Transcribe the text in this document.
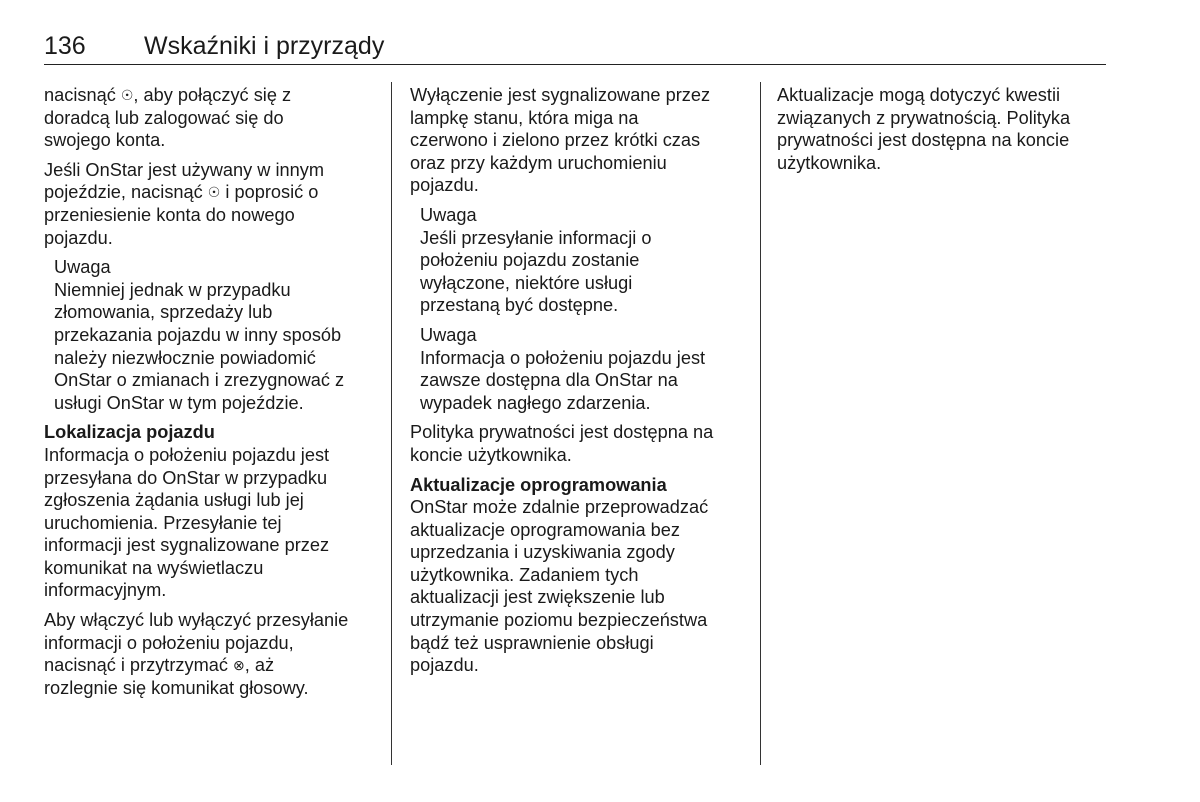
136 Wskaźniki i przyrządy

nacisnąć ☉, aby połączyć się z
doradcą lub zalogować się do
swojego konta.

Jeśli OnStar jest używany w innym
pojeździe, nacisnąć ☉ i poprosić o
przeniesienie konta do nowego
pojazdu.

Uwaga
Niemniej jednak w przypadku
złomowania, sprzedaży lub
przekazania pojazdu w inny sposób
należy niezwłocznie powiadomić
OnStar o zmianach i zrezygnować z
usługi OnStar w tym pojeździe.
Lokalizacja pojazdu

Informacja o położeniu pojazdu jest
przesyłana do OnStar w przypadku
zgłoszenia żądania usługi lub jej
uruchomienia. Przesyłanie tej
informacji jest sygnalizowane przez
komunikat na wyświetlaczu
informacyjnym.

Aby włączyć lub wyłączyć przesyłanie
informacji o położeniu pojazdu,
nacisnąć i przytrzymać ⊗, aż
rozlegnie się komunikat głosowy.

Wyłączenie jest sygnalizowane przez
lampkę stanu, która miga na
czerwono i zielono przez krótki czas
oraz przy każdym uruchomieniu
pojazdu.

Uwaga
Jeśli przesyłanie informacji o
położeniu pojazdu zostanie
wyłączone, niektóre usługi
przestaną być dostępne.
Uwaga
Informacja o położeniu pojazdu jest
zawsze dostępna dla OnStar na
wypadek nagłego zdarzenia.

Polityka prywatności jest dostępna na
koncie użytkownika.

Aktualizacje oprogramowania

OnStar może zdalnie przeprowadzać
aktualizacje oprogramowania bez
uprzedzania i uzyskiwania zgody
użytkownika. Zadaniem tych
aktualizacji jest zwiększenie lub
utrzymanie poziomu bezpieczeństwa
bądź też usprawnienie obsługi
pojazdu.

Aktualizacje mogą dotyczyć kwestii
związanych z prywatnością. Polityka
prywatności jest dostępna na koncie
użytkownika.
